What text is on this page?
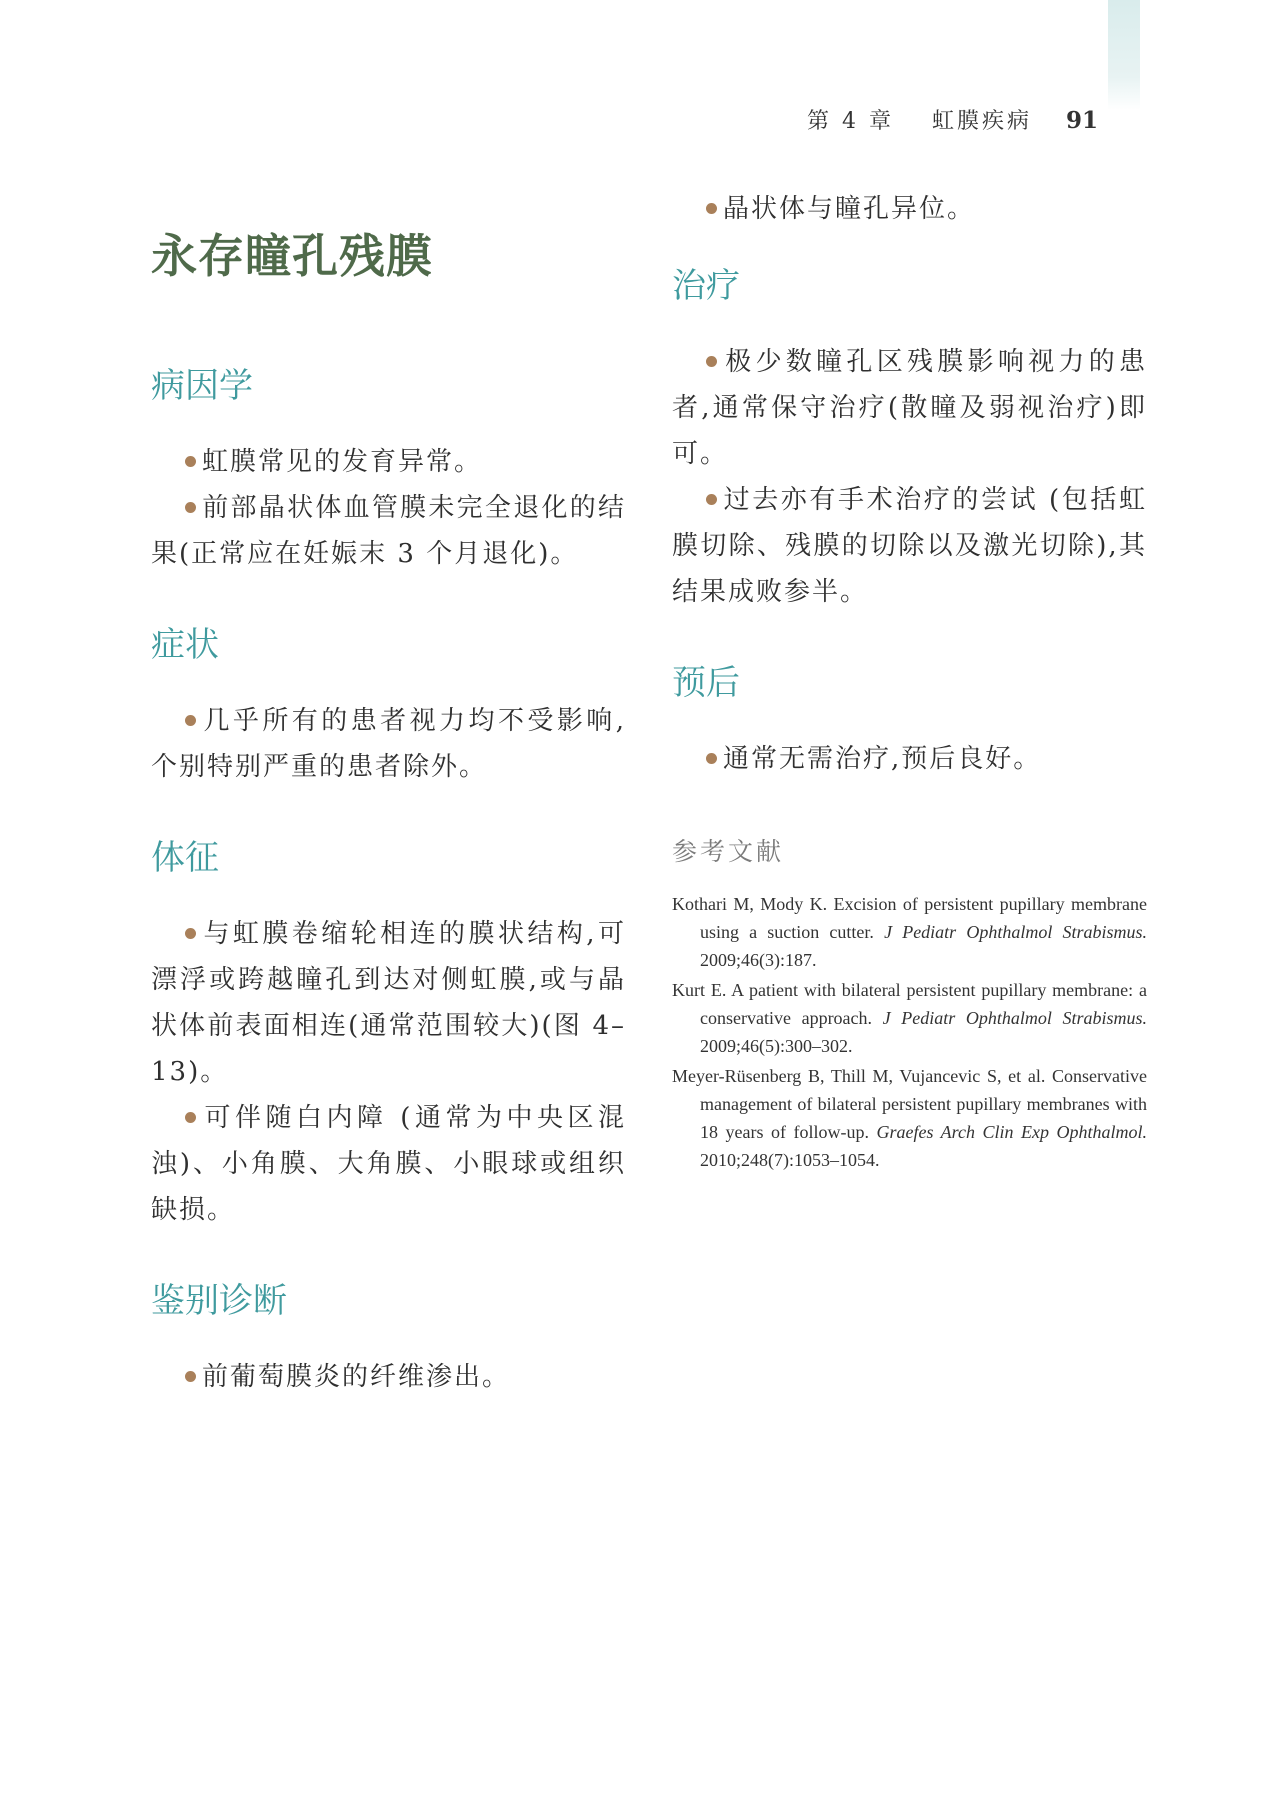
第 4 章 虹膜疾病 91
永存瞳孔残膜
病因学

虹膜常见的发育异常。

前部晶状体血管膜未完全退化的结果(正常应在妊娠末 3 个月退化)。

症状

几乎所有的患者视力均不受影响,个别特别严重的患者除外。

体征

与虹膜卷缩轮相连的膜状结构,可漂浮或跨越瞳孔到达对侧虹膜,或与晶状体前表面相连(通常范围较大)(图 4–13)。

可伴随白内障 (通常为中央区混浊)、小角膜、大角膜、小眼球或组织缺损。

鉴别诊断

前葡萄膜炎的纤维渗出。

晶状体与瞳孔异位。

治疗

极少数瞳孔区残膜影响视力的患者,通常保守治疗(散瞳及弱视治疗)即可。

过去亦有手术治疗的尝试 (包括虹膜切除、残膜的切除以及激光切除),其结果成败参半。

预后

通常无需治疗,预后良好。

参考文献

Kothari M, Mody K. Excision of persistent pupillary membrane using a suction cutter. J Pediatr Ophthalmol Strabismus. 2009;46(3):187.

Kurt E. A patient with bilateral persistent pupillary membrane: a conservative approach. J Pediatr Ophthalmol Strabismus. 2009;46(5):300–302.

Meyer-Rüsenberg B, Thill M, Vujancevic S, et al. Conservative management of bilateral persistent pupillary membranes with 18 years of follow-up. Graefes Arch Clin Exp Ophthalmol. 2010;248(7):1053–1054.
